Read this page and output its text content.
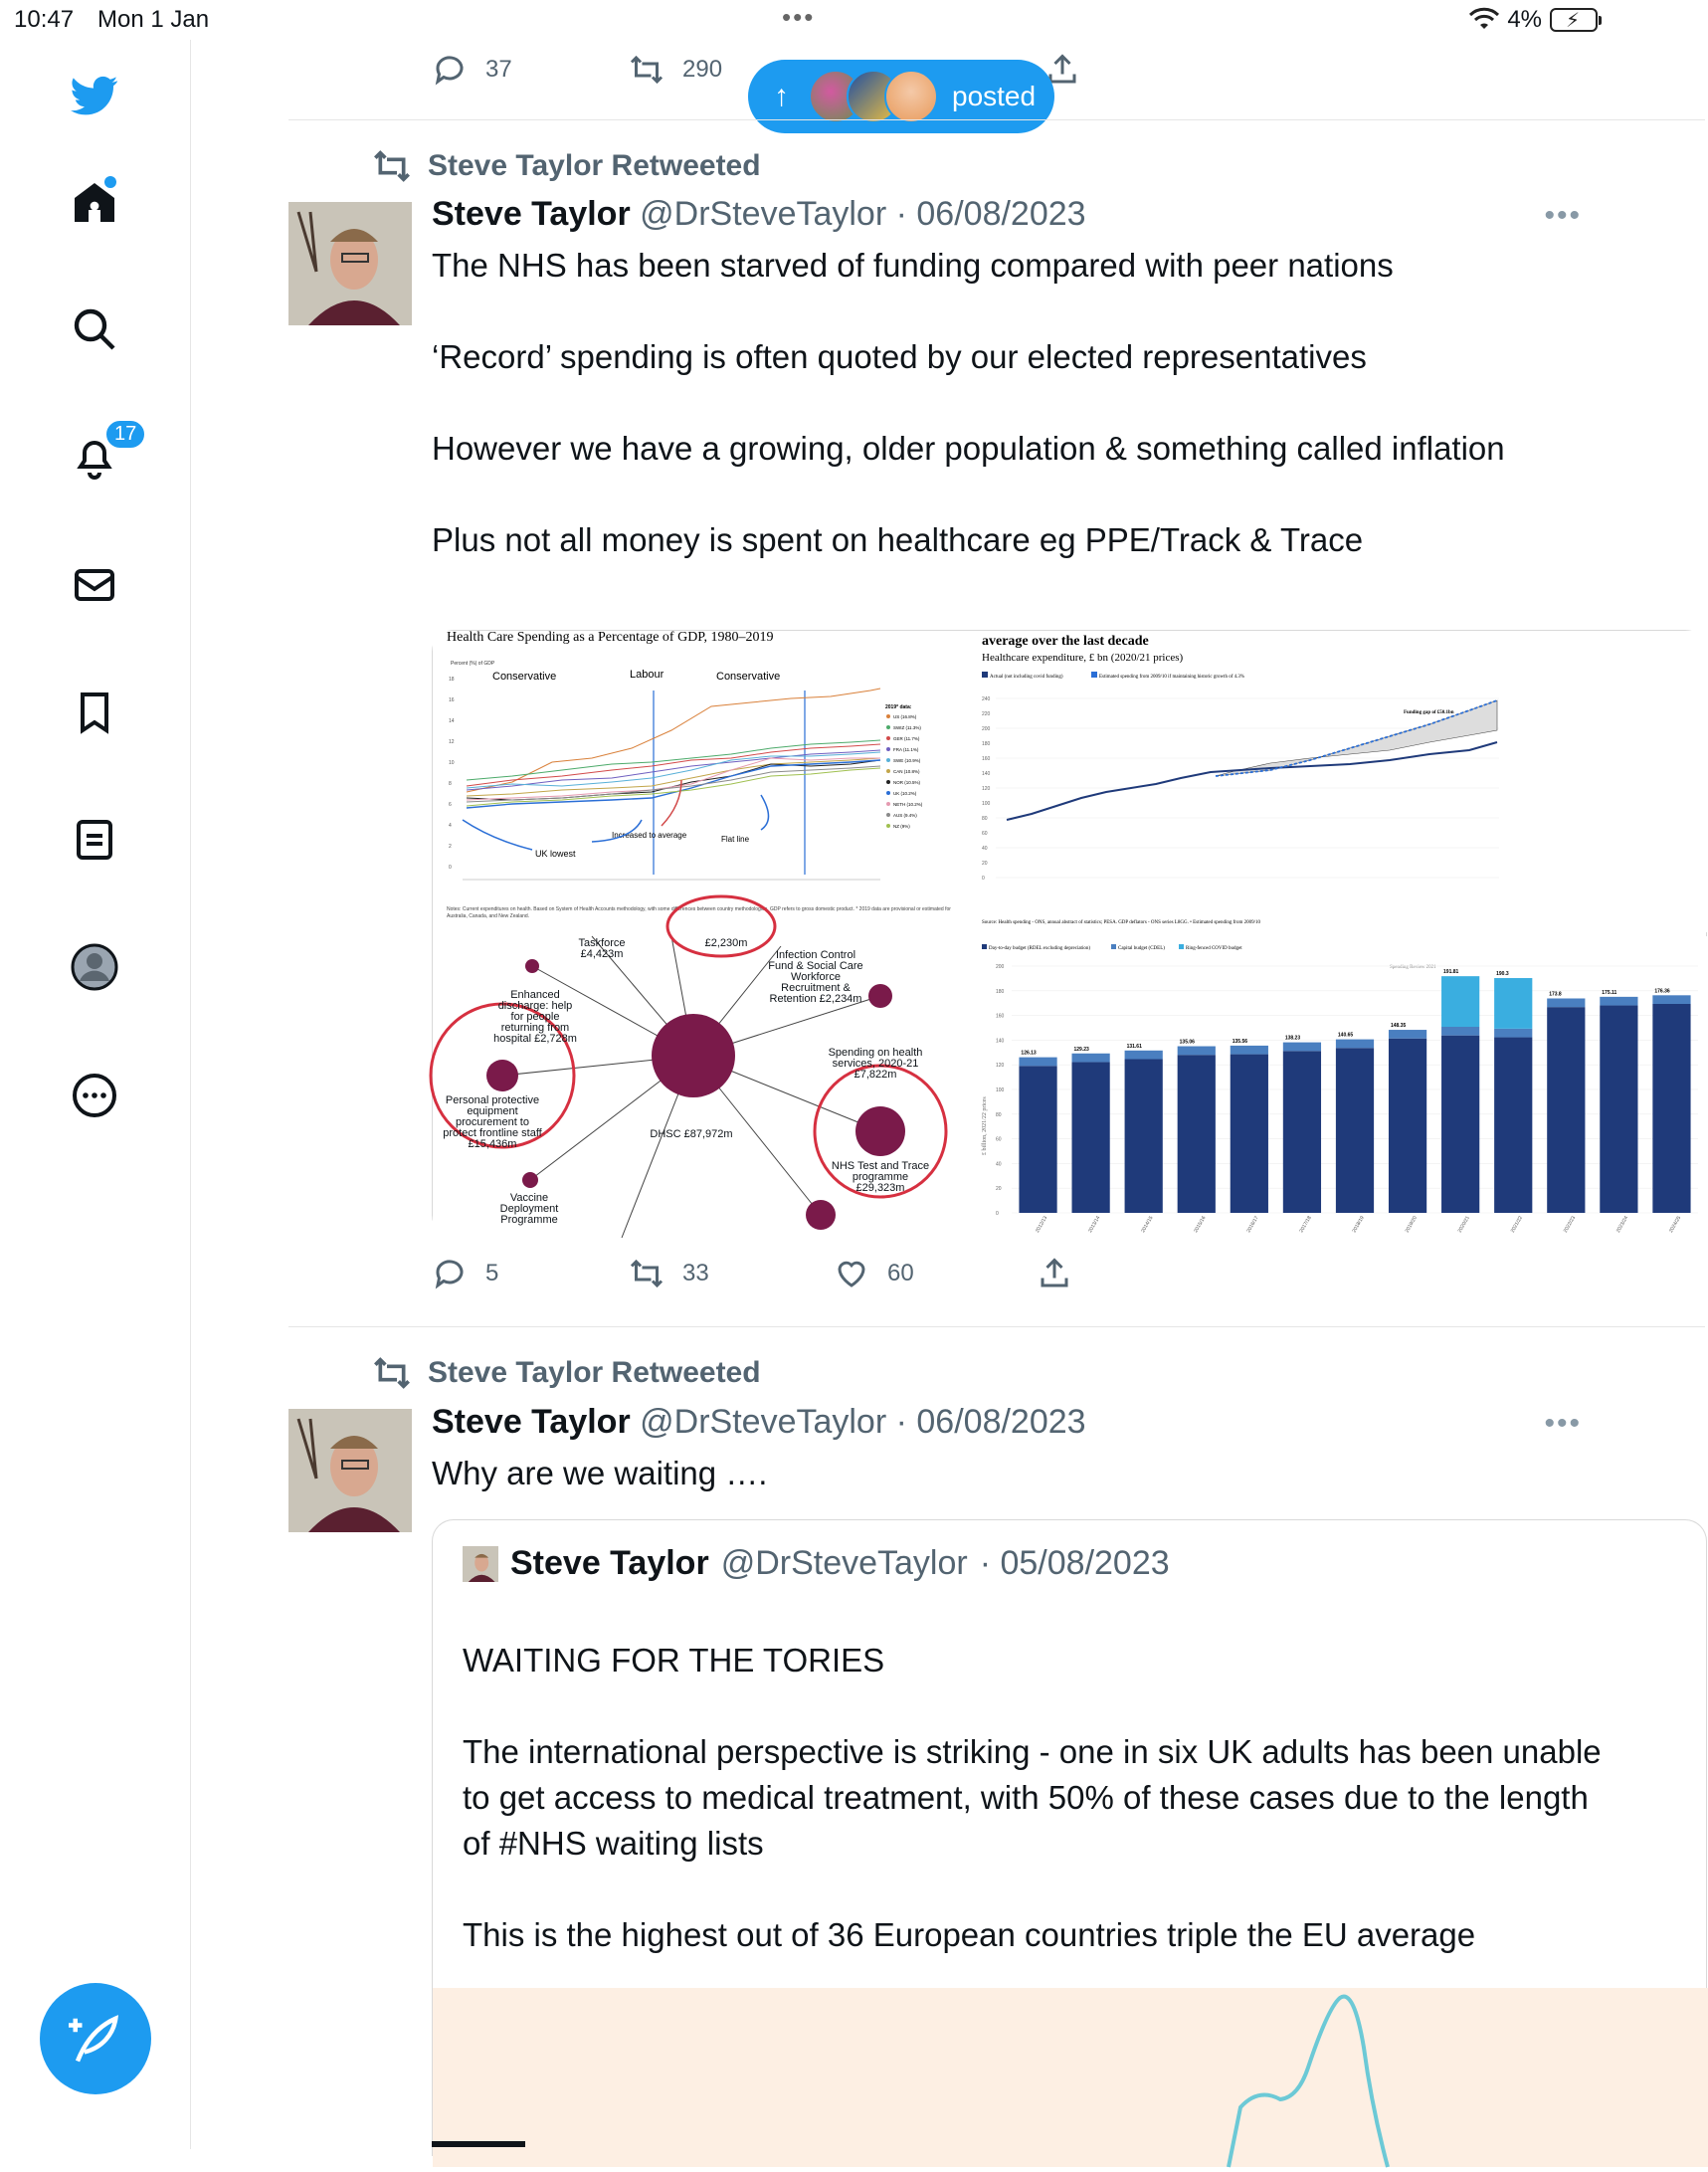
10:47 Mon 1 Jan	•••	4% ⚡
17
37	290
↑	posted
Steve Taylor Retweeted
Steve Taylor @DrSteveTaylor · 06/08/2023	•••

The NHS has been starved of funding compared with peer nations

‘Record’ spending is often quoted by our elected representatives

However we have a growing, older population & something called inflation

Plus not all money is spent on healthcare eg PPE/Track & Trace

Health Care Spending as a Percentage of GDP, 1980–2019
Percent (%) of GDP
Conservative	Labour	Conservative
18
16
14
12
10
8
6
4
2
0
UK lowest
Increased to average	Flat line
2019* data:
US (16.8%)
SWIZ (11.3%)
GER (11.7%)
FRA (11.1%)
SWE (10.9%)
CAN (10.8%)
NOR (10.5%)
UK (10.2%)
NETH (10.2%)
AUS (9.4%)
NZ (9%)
Notes: Current expenditures on health. Based on System of Health Accounts methodology, with some differences between country methodologies. GDP refers to gross domestic product. * 2019 data are provisional or estimated for Australia, Canada, and New Zealand.
average over the last decade
Healthcare expenditure, £ bn (2020/21 prices)
Actual (not including covid funding)	Estimated spending from 2009/10 if maintaining historic growth of 4.3%
240
220
200
180
160
140
120
100
80
60
40
20
0
Funding gap of £50.1bn
Source: Health spending - ONS, annual abstract of statistics; PESA. GDP deflators - ONS series L8GG. • Estimated spending from 2009/10
Taskforce £4,423m
£2,230m
Infection Control Fund & Social Care Workforce Recruitment & Retention £2,234m
Enhanced discharge: help for people returning from hospital £2,728m
Spending on health services, 2020-21 £7,822m
Personal protective equipment procurement to protect frontline staff £15,436m
DHSC £87,972m
NHS Test and Trace programme £29,323m
Vaccine Deployment Programme
Day-to-day budget (RDEL excluding depreciation)	Capital budget (CDEL)	Ring-fenced COVID budget
Spending Review 2021
£ billion, 2021/22 prices
200
180
160
140
120
100
80
60
40
20
0
126.13
129.23	131.61
135.06	135.56
138.23
140.65
148.35
191.81	190.3
173.8	175.11	176.36
2012/13	2013/14	2014/15	2015/16	2016/17	2017/18	2018/19	2019/20	2020/21	2021/22	2022/23	2023/24	2024/25
5	33	60
Steve Taylor Retweeted
Steve Taylor @DrSteveTaylor · 06/08/2023	•••

Why are we waiting ….

Steve Taylor @DrSteveTaylor · 05/08/2023

WAITING FOR THE TORIES

The international perspective is striking - one in six UK adults has been unable to get access to medical treatment, with 50% of these cases due to the length of #NHS waiting lists

This is the highest out of 36 European countries triple the EU average
